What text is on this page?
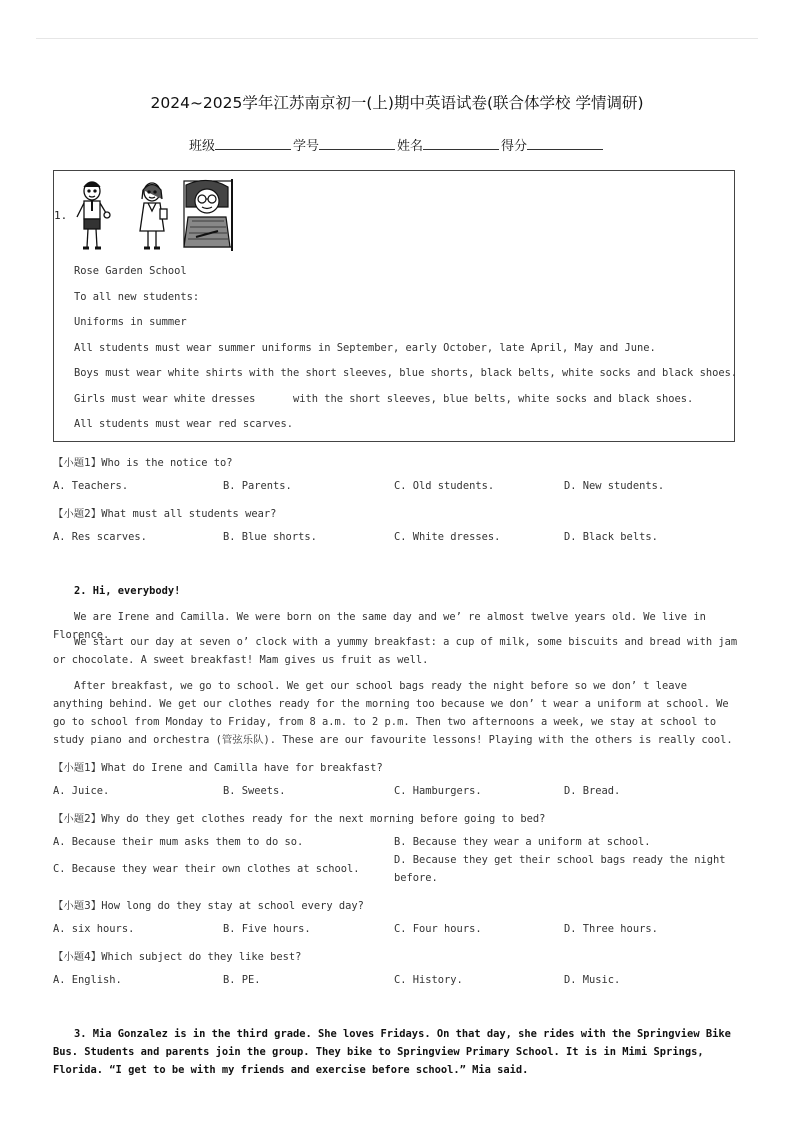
2024~2025学年江苏南京初一(上)期中英语试卷(联合体学校 学情调研)
班级	学号	姓名	得分
1.
Rose Garden School
To all new students:
Uniforms in summer
All students must wear summer uniforms in September, early October, late April, May and June.
Boys must wear white shirts with the short sleeves, blue shorts, black belts, white socks and black shoes.
Girls must wear white dresses      with the short sleeves, blue belts, white socks and black shoes.
All students must wear red scarves.
【小题1】Who is the notice to?
A. Teachers.	B. Parents.	C. Old students.	D. New students.
【小题2】What must all students wear?
A. Res scarves.	B. Blue shorts.	C. White dresses.	D. Black belts.
2. Hi, everybody!
We are Irene and Camilla. We were born on the same day and we’ re almost twelve years old. We live in Florence.
We start our day at seven o’ clock with a yummy breakfast: a cup of milk, some biscuits and bread with jam or chocolate. A sweet breakfast! Mam gives us fruit as well.
After breakfast, we go to school. We get our school bags ready the night before so we don’ t leave anything behind. We get our clothes ready for the morning too because we don’ t wear a uniform at school. We go to school from Monday to Friday, from 8 a.m. to 2 p.m. Then two afternoons a week, we stay at school to study piano and orchestra (管弦乐队). These are our favourite lessons! Playing with the others is really cool.
【小题1】What do Irene and Camilla have for breakfast?
A. Juice.	B. Sweets.	C. Hamburgers.	D. Bread.
【小题2】Why do they get clothes ready for the next morning before going to bed?
A. Because their mum asks them to do so.	B. Because they wear a uniform at school.
C. Because they wear their own clothes at school.
D. Because they get their school bags ready the night before.
【小题3】How long do they stay at school every day?
A. six hours.	B. Five hours.	C. Four hours.	D. Three hours.
【小题4】Which subject do they like best?
A. English.	B. PE.	C. History.	D. Music.
3. Mia Gonzalez is in the third grade. She loves Fridays. On that day, she rides with the Springview Bike Bus. Students and parents join the group. They bike to Springview Primary School. It is in Mimi Springs, Florida. “I get to be with my friends and exercise before school.” Mia said.
